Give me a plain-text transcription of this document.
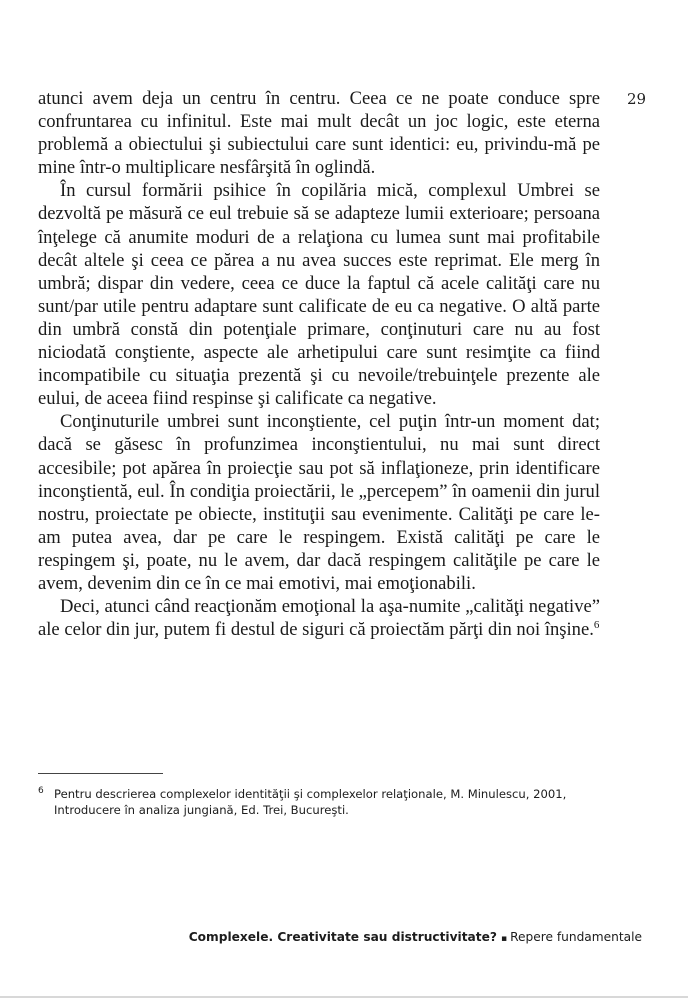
29

atunci avem deja un centru în centru. Ceea ce ne poate conduce spre confruntarea cu infinitul. Este mai mult decât un joc logic, este eterna problemă a obiectului şi subiectului care sunt identici: eu, privindu-mă pe mine într-o multiplicare nesfârşită în oglindă.

În cursul formării psihice în copilăria mică, complexul Umbrei se dezvoltă pe măsură ce eul trebuie să se adapteze lumii exterioare; persoana înţelege că anumite moduri de a relaţiona cu lumea sunt mai profitabile decât altele şi ceea ce părea a nu avea succes este reprimat. Ele merg în umbră; dispar din vedere, ceea ce duce la faptul că acele calităţi care nu sunt/par utile pentru adaptare sunt calificate de eu ca negative. O altă parte din umbră constă din potenţiale primare, conţinuturi care nu au fost niciodată conştiente, aspecte ale arhetipului care sunt resimţite ca fiind incompatibile cu situaţia prezentă şi cu nevoile/trebuinţele prezente ale eului, de aceea fiind respinse şi calificate ca negative.

Conţinuturile umbrei sunt inconştiente, cel puţin într-un moment dat; dacă se găsesc în profunzimea inconştientului, nu mai sunt direct accesibile; pot apărea în proiecţie sau pot să inflaţioneze, prin identificare inconştientă, eul. În condiţia proiectării, le „percepem” în oamenii din jurul nostru, proiectate pe obiecte, instituţii sau evenimente. Calităţi pe care le-am putea avea, dar pe care le respingem. Există calităţi pe care le respingem şi, poate, nu le avem, dar dacă respingem calităţile pe care le avem, devenim din ce în ce mai emotivi, mai emoţionabili.

Deci, atunci când reacţionăm emoţional la aşa-numite „calităţi negative” ale celor din jur, putem fi destul de siguri că proiectăm părţi din noi înşine.$^6$

6 Pentru descrierea complexelor identităţii şi complexelor relaţionale, M. Minulescu, 2001, Introducere în analiza jungiană, Ed. Trei, Bucureşti.
Complexele. Creativitate sau distructivitate? ▪ Repere fundamentale
